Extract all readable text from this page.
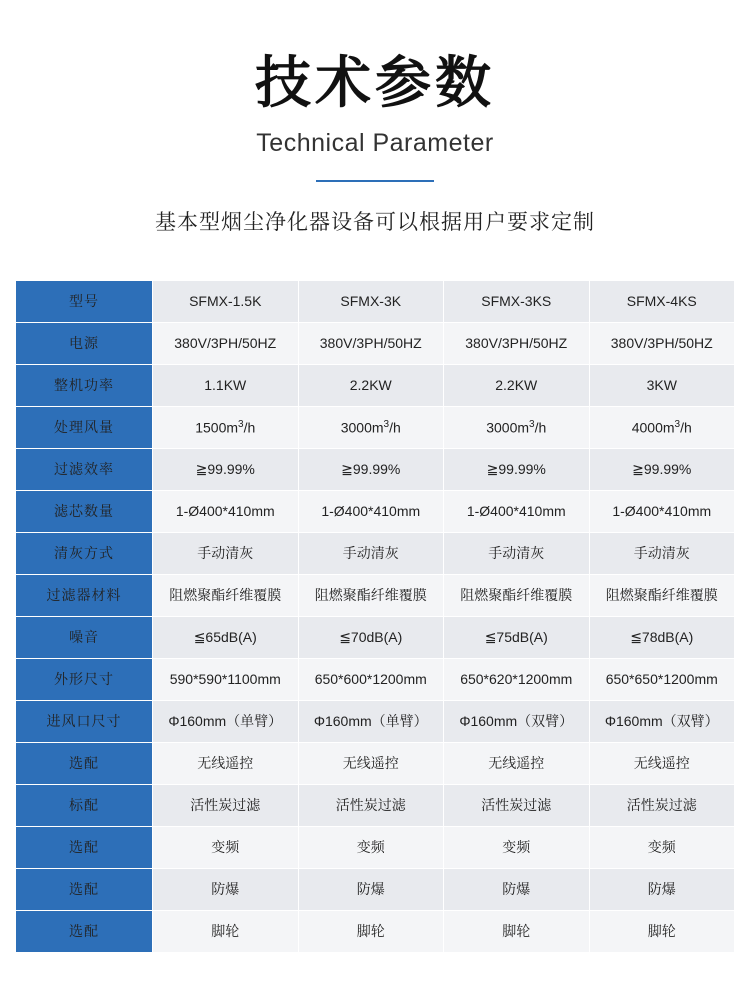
技术参数
Technical Parameter
基本型烟尘净化器设备可以根据用户要求定制
型号	SFMX-1.5K	SFMX-3K	SFMX-3KS	SFMX-4KS
电源	380V/3PH/50HZ	380V/3PH/50HZ	380V/3PH/50HZ	380V/3PH/50HZ
整机功率	1.1KW	2.2KW	2.2KW	3KW
处理风量	$1500m^3/h$	$3000m^3/h$	$3000m^3/h$	$4000m^3/h$
过滤效率	≧99.99%	≧99.99%	≧99.99%	≧99.99%
滤芯数量	1-Ø400*410mm	1-Ø400*410mm	1-Ø400*410mm	1-Ø400*410mm
清灰方式	手动清灰	手动清灰	手动清灰	手动清灰
过滤器材料	阻燃聚酯纤维覆膜	阻燃聚酯纤维覆膜	阻燃聚酯纤维覆膜	阻燃聚酯纤维覆膜
噪音	≦65dB(A)	≦70dB(A)	≦75dB(A)	≦78dB(A)
外形尺寸	590*590*1100mm	650*600*1200mm	650*620*1200mm	650*650*1200mm
进风口尺寸	Φ160mm（单臂）	Φ160mm（单臂）	Φ160mm（双臂）	Φ160mm（双臂）
选配	无线遥控	无线遥控	无线遥控	无线遥控
标配	活性炭过滤	活性炭过滤	活性炭过滤	活性炭过滤
选配	变频	变频	变频	变频
选配	防爆	防爆	防爆	防爆
选配	脚轮	脚轮	脚轮	脚轮
